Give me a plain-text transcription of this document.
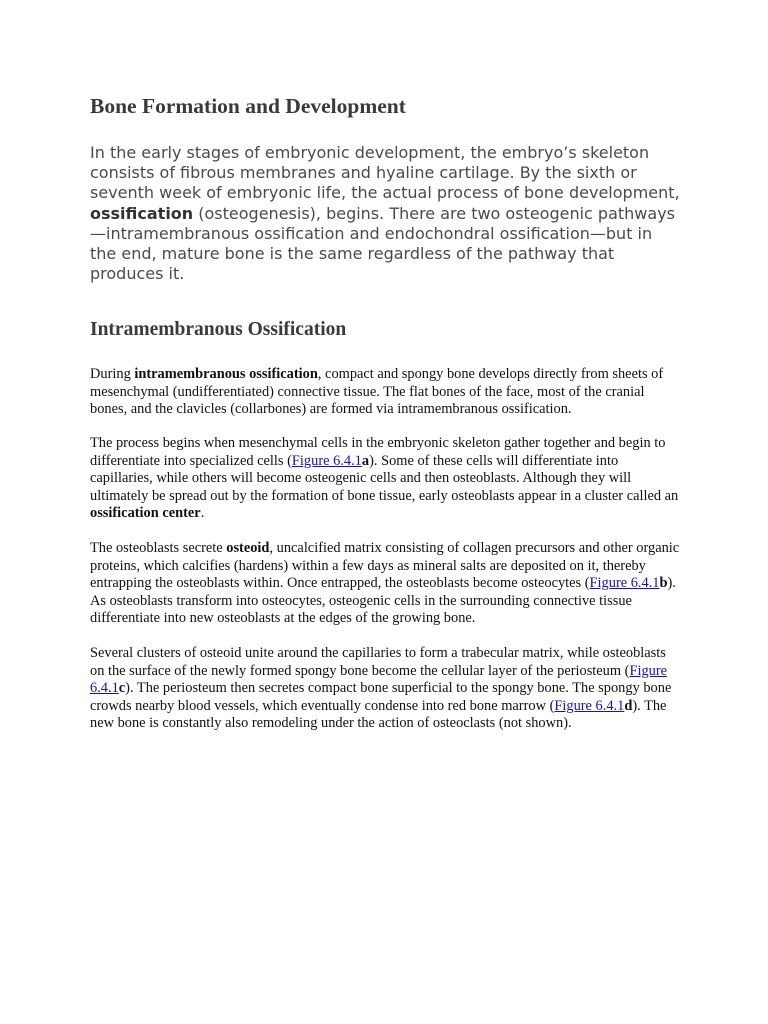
Bone Formation and Development

In the early stages of embryonic development, the embryo’s skeleton consists of fibrous membranes and hyaline cartilage. By the sixth or seventh week of embryonic life, the actual process of bone development, ossification (osteogenesis), begins. There are two osteogenic pathways—intramembranous ossification and endochondral ossification—but in the end, mature bone is the same regardless of the pathway that produces it.

Intramembranous Ossification

During intramembranous ossification, compact and spongy bone develops directly from sheets of mesenchymal (undifferentiated) connective tissue. The flat bones of the face, most of the cranial bones, and the clavicles (collarbones) are formed via intramembranous ossification.

The process begins when mesenchymal cells in the embryonic skeleton gather together and begin to differentiate into specialized cells (Figure 6.4.1a). Some of these cells will differentiate into capillaries, while others will become osteogenic cells and then osteoblasts. Although they will ultimately be spread out by the formation of bone tissue, early osteoblasts appear in a cluster called an ossification center.

The osteoblasts secrete osteoid, uncalcified matrix consisting of collagen precursors and other organic proteins, which calcifies (hardens) within a few days as mineral salts are deposited on it, thereby entrapping the osteoblasts within. Once entrapped, the osteoblasts become osteocytes (Figure 6.4.1b). As osteoblasts transform into osteocytes, osteogenic cells in the surrounding connective tissue differentiate into new osteoblasts at the edges of the growing bone.

Several clusters of osteoid unite around the capillaries to form a trabecular matrix, while osteoblasts on the surface of the newly formed spongy bone become the cellular layer of the periosteum (Figure 6.4.1c). The periosteum then secretes compact bone superficial to the spongy bone. The spongy bone crowds nearby blood vessels, which eventually condense into red bone marrow (Figure 6.4.1d). The new bone is constantly also remodeling under the action of osteoclasts (not shown).
